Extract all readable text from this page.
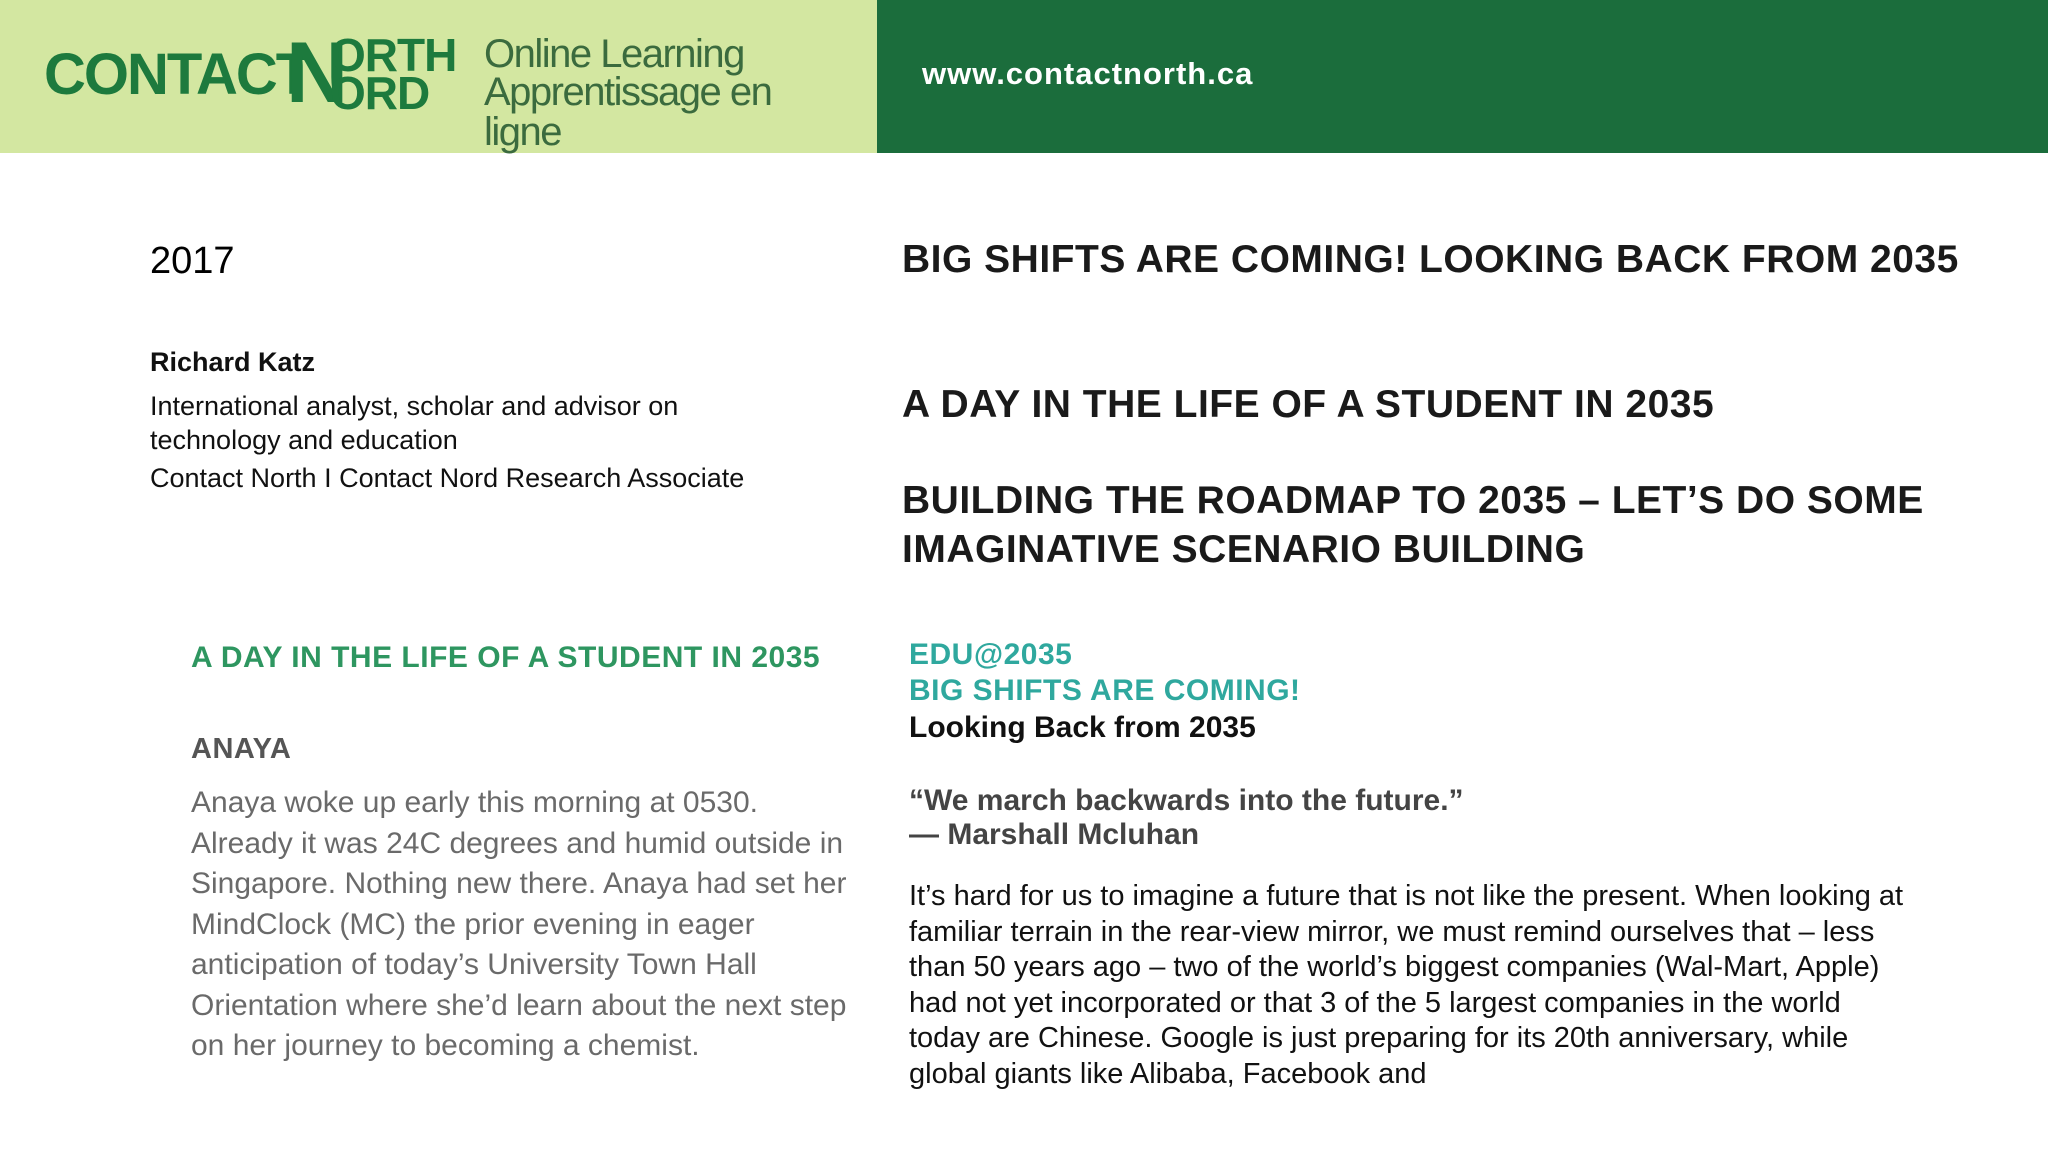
CONTACT
N
ORTH
ORD
Online Learning
Apprentissage en ligne
www.contactnorth.ca
2017
Richard Katz
International analyst, scholar and advisor on technology and education
Contact North I Contact Nord Research Associate
BIG SHIFTS ARE COMING! LOOKING BACK FROM 2035
A DAY IN THE LIFE OF A STUDENT IN 2035
BUILDING THE ROADMAP TO 2035 – LET’S DO SOME IMAGINATIVE SCENARIO BUILDING
A DAY IN THE LIFE OF A STUDENT IN 2035
ANAYA
Anaya woke up early this morning at 0530. Already it was 24C degrees and humid outside in Singapore. Nothing new there. Anaya had set her MindClock (MC) the prior evening in eager anticipation of today’s University Town Hall Orientation where she’d learn about the next step on her journey to becoming a chemist.
EDU@2035
BIG SHIFTS ARE COMING!
Looking Back from 2035
“We march backwards into the future.”
— Marshall Mcluhan
It’s hard for us to imagine a future that is not like the present. When looking at familiar terrain in the rear-view mirror, we must remind ourselves that – less than 50 years ago – two of the world’s biggest companies (Wal-Mart, Apple) had not yet incorporated or that 3 of the 5 largest companies in the world today are Chinese. Google is just preparing for its 20th anniversary, while global giants like Alibaba, Facebook and
